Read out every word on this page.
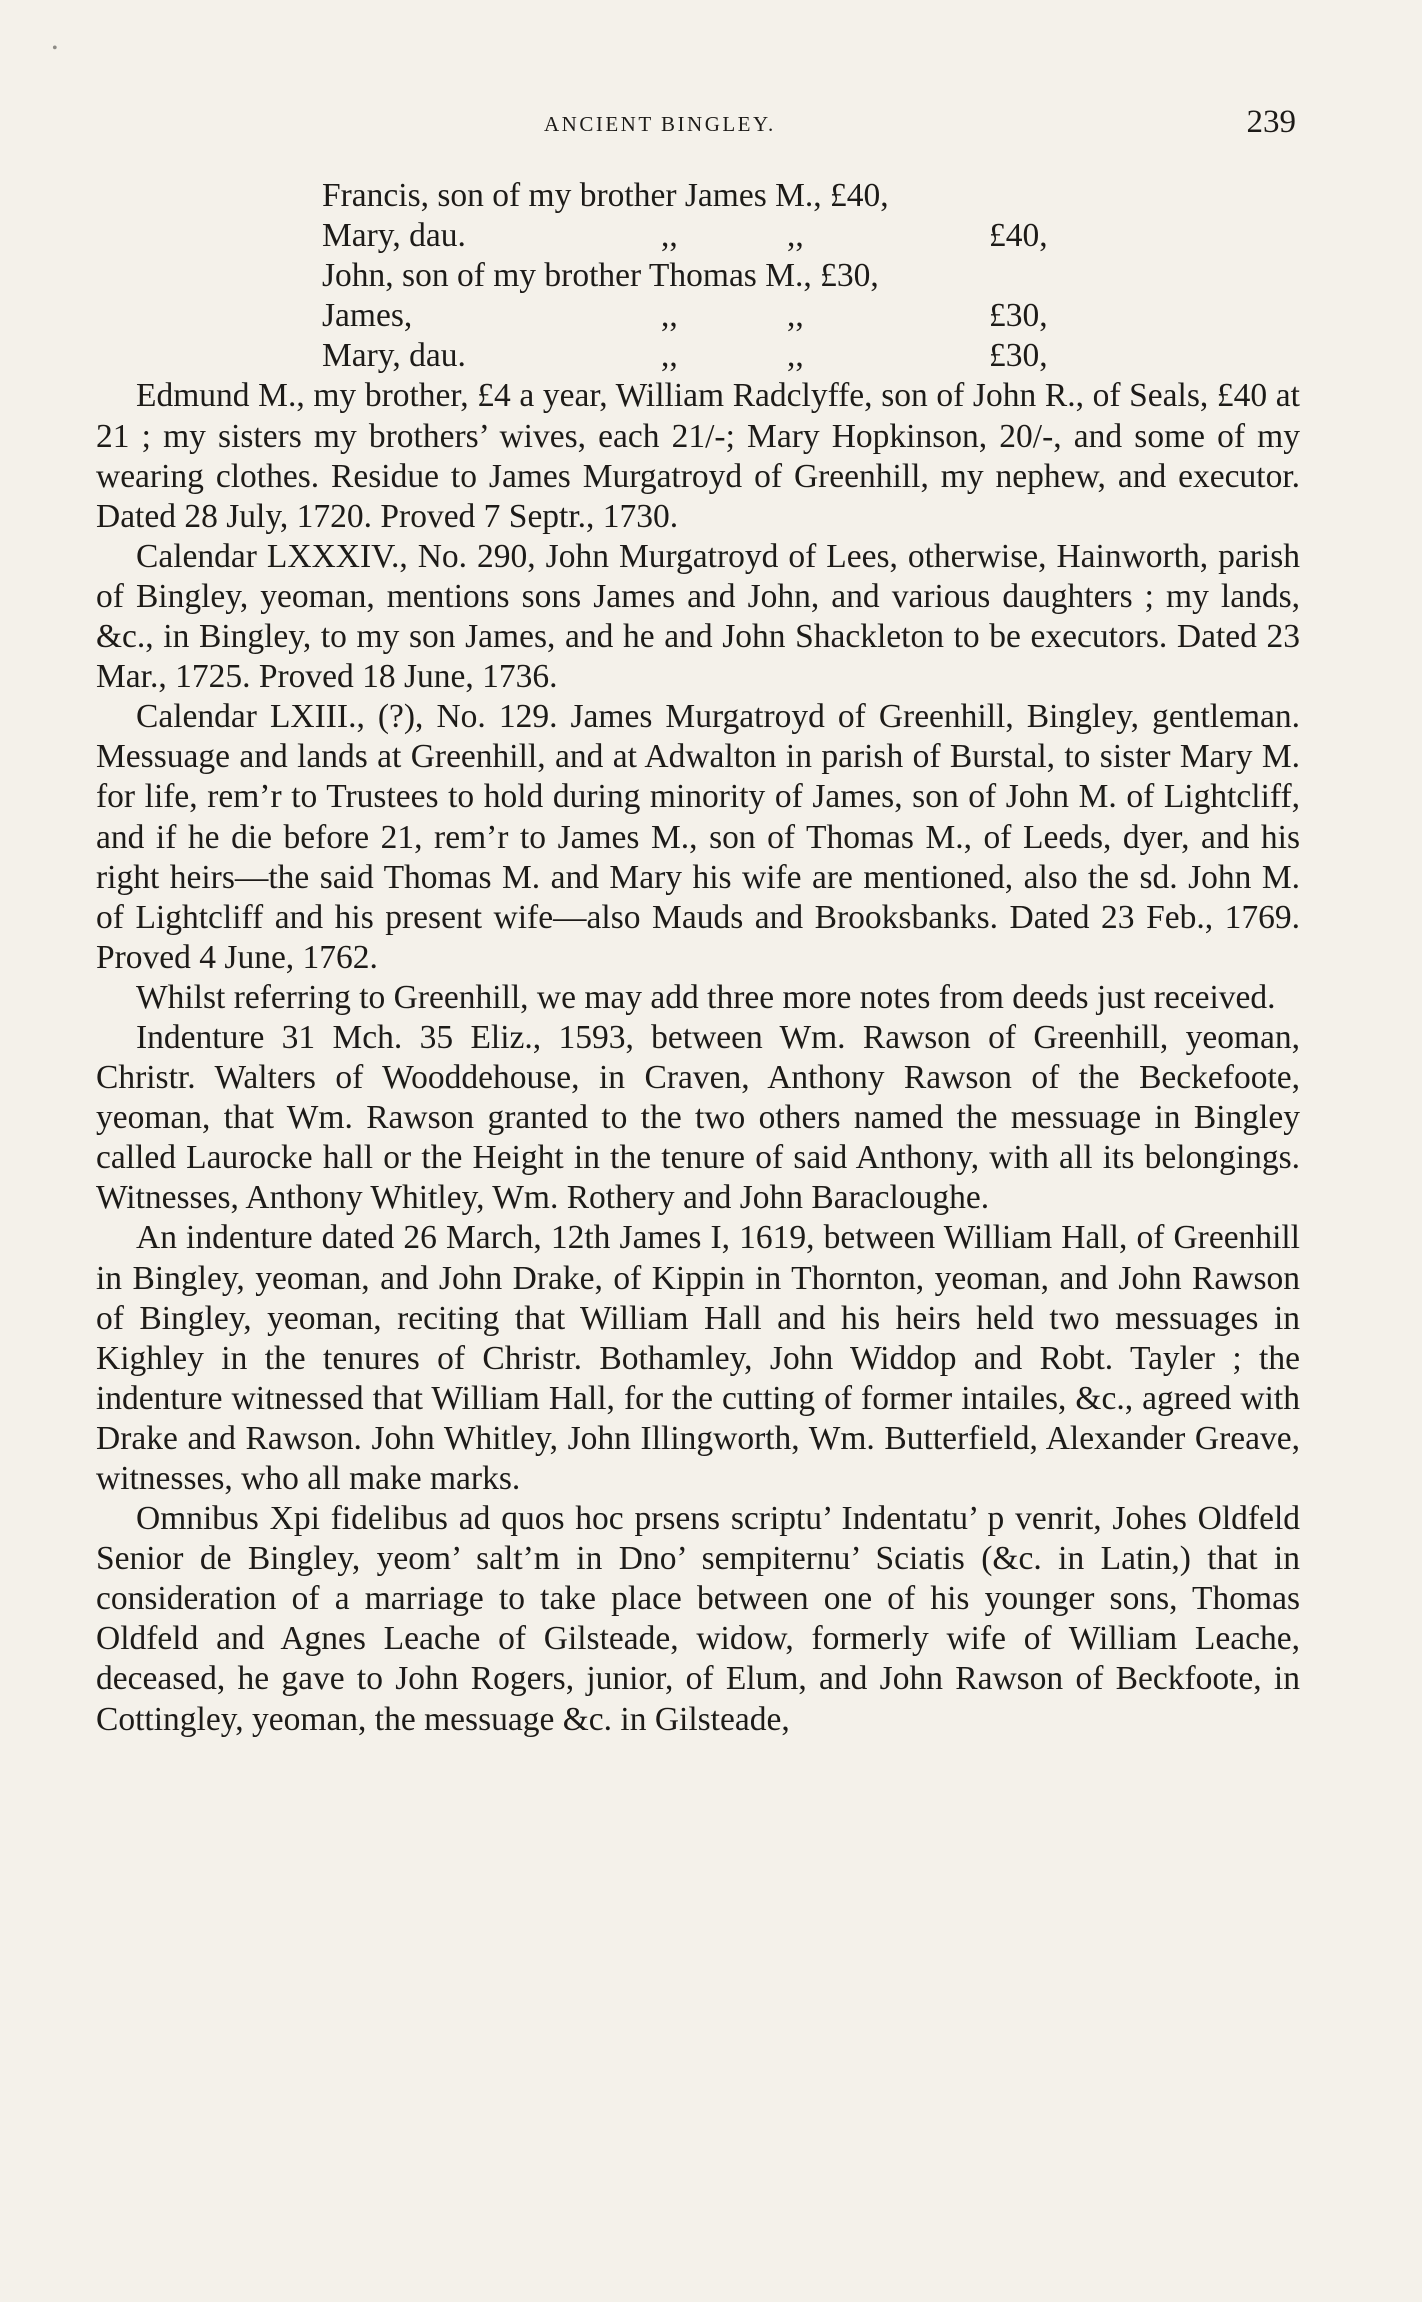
•
ANCIENT BINGLEY.	239
Francis, son of my brother James M., £40,
Mary, dau.	,,	,,	£40,
John, son of my brother Thomas M., £30,
James,	,,	,,	£30,
Mary, dau.	,,	,,	£30,

Edmund M., my brother, £4 a year, William Radclyffe, son of John R., of Seals, £40 at 21 ; my sisters my brothers’ wives, each 21/-; Mary Hopkinson, 20/-, and some of my wearing clothes. Residue to James Murgatroyd of Greenhill, my nephew, and executor. Dated 28 July, 1720. Proved 7 Septr., 1730.

Calendar LXXXIV., No. 290, John Murgatroyd of Lees, otherwise, Hainworth, parish of Bingley, yeoman, mentions sons James and John, and various daughters ; my lands, &c., in Bingley, to my son James, and he and John Shackleton to be executors. Dated 23 Mar., 1725. Proved 18 June, 1736.

Calendar LXIII., (?), No. 129. James Murgatroyd of Greenhill, Bingley, gentleman. Messuage and lands at Greenhill, and at Adwalton in parish of Burstal, to sister Mary M. for life, rem’r to Trustees to hold during minority of James, son of John M. of Lightcliff, and if he die before 21, rem’r to James M., son of Thomas M., of Leeds, dyer, and his right heirs—the said Thomas M. and Mary his wife are mentioned, also the sd. John M. of Lightcliff and his present wife—also Mauds and Brooksbanks. Dated 23 Feb., 1769. Proved 4 June, 1762.

Whilst referring to Greenhill, we may add three more notes from deeds just received.

Indenture 31 Mch. 35 Eliz., 1593, between Wm. Rawson of Greenhill, yeoman, Christr. Walters of Wooddehouse, in Craven, Anthony Rawson of the Beckefoote, yeoman, that Wm. Rawson granted to the two others named the messuage in Bingley called Laurocke hall or the Height in the tenure of said Anthony, with all its belongings. Witnesses, Anthony Whitley, Wm. Rothery and John Baraclоughe.

An indenture dated 26 March, 12th James I, 1619, between William Hall, of Greenhill in Bingley, yeoman, and John Drake, of Kippin in Thornton, yeoman, and John Rawson of Bingley, yeoman, reciting that William Hall and his heirs held two messuages in Kighley in the tenures of Christr. Bothamley, John Widdop and Robt. Tayler ; the indenture witnessed that William Hall, for the cutting of former intailes, &c., agreed with Drake and Rawson. John Whitley, John Illingworth, Wm. Butterfield, Alexander Greave, witnesses, who all make marks.

Omnibus Xpi fidelibus ad quos hoc prsens scriptu’ Indentatu’ p venrit, Johes Oldfeld Senior de Bingley, yeom’ salt’m in Dno’ sempiternu’ Sciatis (&c. in Latin,) that in consideration of a marriage to take place between one of his younger sons, Thomas Oldfeld and Agnes Leache of Gilsteade, widow, formerly wife of William Leache, deceased, he gave to John Rogers, junior, of Elum, and John Rawson of Beckfoote, in Cottingley, yeoman, the messuage &c. in Gilsteade,
